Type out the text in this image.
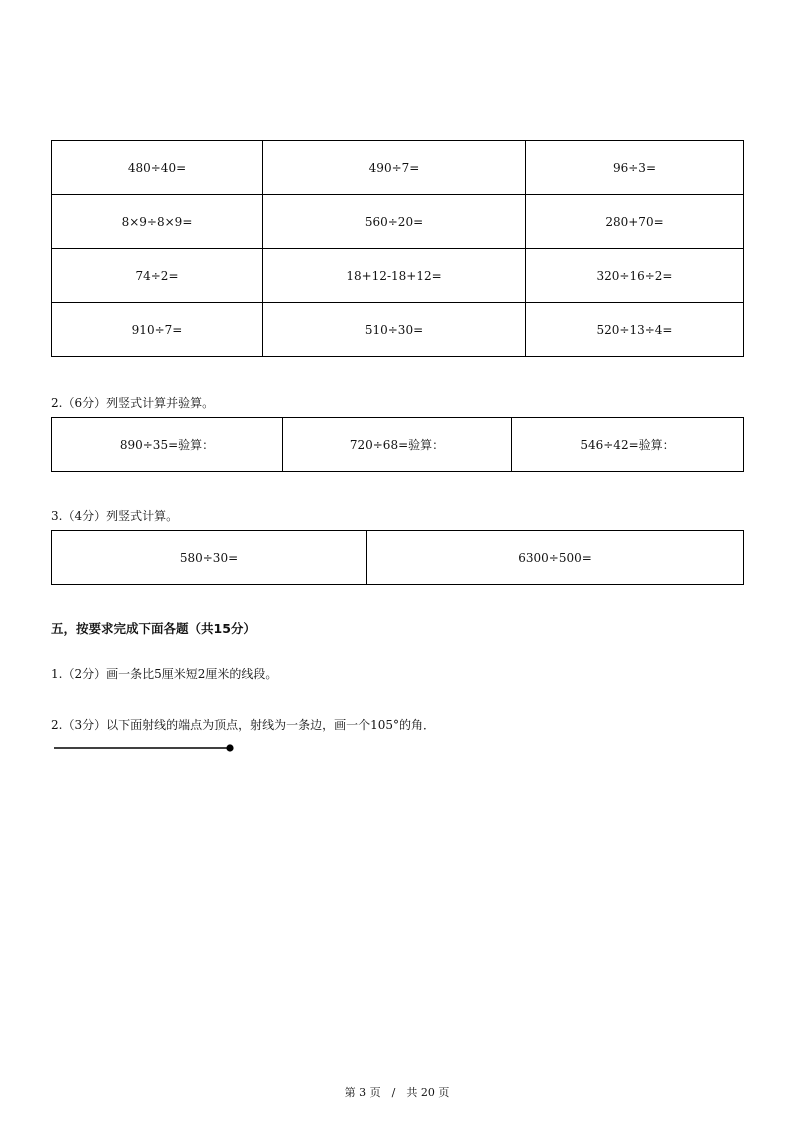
480÷40=	490÷7=	96÷3=
8×9÷8×9=	560÷20=	280+70=
74÷2=	18+12-18+12=	320÷16÷2=
910÷7=	510÷30=	520÷13÷4=
2.（6分）列竖式计算并验算。
890÷35=验算：	720÷68=验算：	546÷42=验算：
3.（4分）列竖式计算。
580÷30=	6300÷500=
五，按要求完成下面各题（共15分）
1.（2分）画一条比5厘米短2厘米的线段。
2.（3分）以下面射线的端点为顶点，射线为一条边，画一个105°的角．
第 3 页　/　共 20 页
